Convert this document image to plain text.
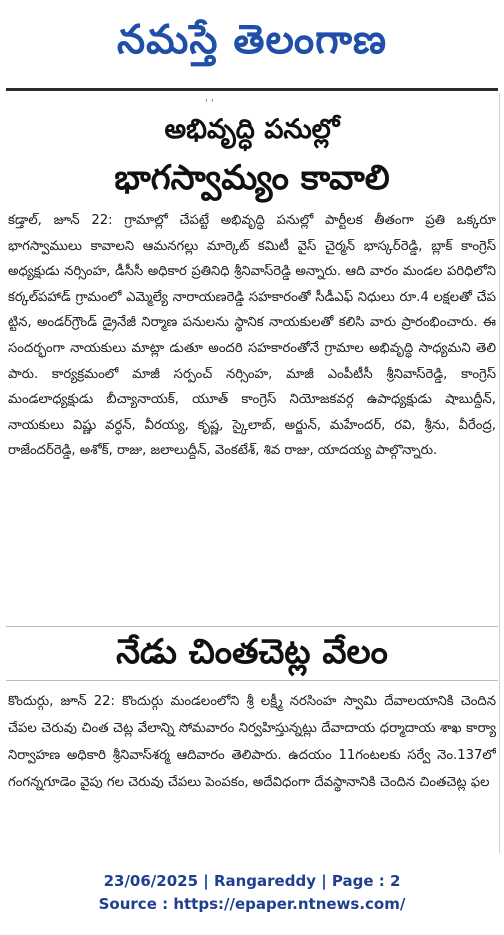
నమస్తే తెలంగాణ
' '
అభివృద్ధి పనుల్లో
భాగస్వామ్యం కావాలి
కడ్తాల్‌, జూన్‌ 22: గ్రామాల్లో చేపట్టే అభివృద్ధి పనుల్లో పార్టీలక తీతంగా ప్రతి ఒక్కరూ భాగస్వాములు కావాలని ఆమనగల్లు మార్కెట్‌ కమిటీ వైస్‌ చైర్మన్‌ భాస్కర్‌రెడ్డి, బ్లాక్‌ కాంగ్రెస్‌ అధ్యక్షుడు నర్సింహ, డీసీసీ అధికార ప్రతినిధి శ్రీనివాస్‌రెడ్డి అన్నారు. ఆది వారం మండల పరిధిలోని కర్కల్‌పహాడ్‌ గ్రామంలో ఎమ్మెల్యే నారాయణరెడ్డి సహకారంతో సీడీఎఫ్‌ నిధులు రూ.4 లక్షలతో చేప ట్టిన, అండర్‌గ్రౌండ్‌ డ్రైనేజీ నిర్మాణ పనులను స్థానిక నాయకులతో కలిసి వారు ప్రారంభించారు. ఈ సందర్భంగా నాయకులు మాట్లా డుతూ అందరి సహకారంతోనే గ్రామాల అభివృద్ధి సాధ్యమని తెలి పారు. కార్యక్రమంలో మాజీ సర్పంచ్‌ నర్సింహ, మాజీ ఎంపీటీసీ శ్రీనివాస్‌రెడ్డి, కాంగ్రెస్‌ మండలాధ్యక్షుడు బీచ్యానాయక్‌, యూత్‌ కాంగ్రెస్‌ నియోజకవర్గ ఉపాధ్యక్షుడు షాబుద్దీన్‌, నాయకులు విష్ణు వర్ధన్‌, వీరయ్య, కృష్ణ, స్కైలాబ్‌, అర్జున్‌, మహేందర్‌, రవి, శ్రీను, వీరేంద్ర, రాజేందర్‌రెడ్డి, అశోక్‌, రాజు, జలాలుద్దీన్‌, వెంకటేశ్‌, శివ రాజు, యాదయ్య పాల్గొన్నారు.
నేడు చింతచెట్ల వేలం
కొందుర్గు, జూన్‌ 22: కొందుర్గు మండలంలోని శ్రీ లక్ష్మీ నరసింహ స్వామి దేవాలయానికి చెందిన చేపల చెరువు చింత చెట్ల వేలాన్ని సోమవారం నిర్వహిస్తున్నట్లు దేవాదాయ ధర్మాదాయ శాఖ కార్యా నిర్వాహణ అధికారి శ్రీనివాస్‌శర్మ ఆదివారం తెలిపారు. ఉదయం 11గంటలకు సర్వే నెం.137లో గంగన్నగూడెం వైపు గల చెరువు చేపలు పెంపకం, అదేవిధంగా దేవస్థానానికి చెందిన చింతచెట్ల ఫల
23/06/2025 | Rangareddy | Page : 2
Source : https://epaper.ntnews.com/
